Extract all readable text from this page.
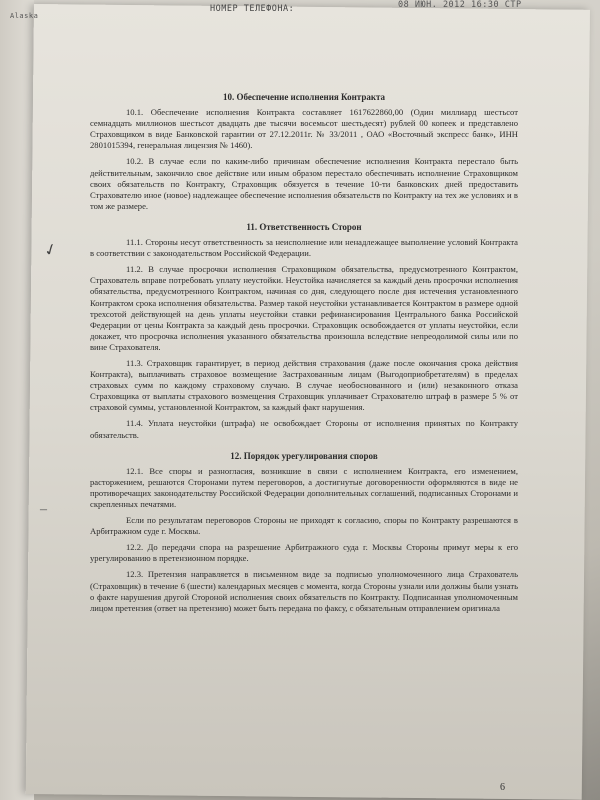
Alaska
НОМЕР ТЕЛЕФОНА:	08 ИЮН. 2012 16:30 СТР
✓
–
10. Обеспечение исполнения Контракта

10.1. Обеспечение исполнения Контракта составляет 1617622860,00 (Один миллиард шестьсот семнадцать миллионов шестьсот двадцать две тысячи восемьсот шестьдесят) рублей 00 копеек и представлено Страховщиком в виде Банковской гарантии от 27.12.2011г. № 33/2011 , ОАО «Восточный экспресс банк», ИНН 2801015394, генеральная лицензия № 1460).

10.2. В случае если по каким-либо причинам обеспечение исполнения Контракта перестало быть действительным, закончило свое действие или иным образом перестало обеспечивать исполнение Страховщиком своих обязательств по Контракту, Страховщик обязуется в течение 10-ти банковских дней предоставить Страхователю иное (новое) надлежащее обеспечение исполнения обязательств по Контракту на тех же условиях и в том же размере.

11. Ответственность Сторон

11.1. Стороны несут ответственность за неисполнение или ненадлежащее выполнение условий Контракта в соответствии с законодательством Российской Федерации.

11.2. В случае просрочки исполнения Страховщиком обязательства, предусмотренного Контрактом, Страхователь вправе потребовать уплату неустойки. Неустойка начисляется за каждый день просрочки исполнения обязательства, предусмотренного Контрактом, начиная со дня, следующего после дня истечения установленного Контрактом срока исполнения обязательства. Размер такой неустойки устанавливается Контрактом в размере одной трехсотой действующей на день уплаты неустойки ставки рефинансирования Центрального банка Российской Федерации от цены Контракта за каждый день просрочки. Страховщик освобождается от уплаты неустойки, если докажет, что просрочка исполнения указанного обязательства произошла вследствие непреодолимой силы или по вине Страхователя.

11.3. Страховщик гарантирует, в период действия страхования (даже после окончания срока действия Контракта), выплачивать страховое возмещение Застрахованным лицам (Выгодоприобретателям) в пределах страховых сумм по каждому страховому случаю. В случае необоснованного и (или) незаконного отказа Страховщика от выплаты страхового возмещения Страховщик уплачивает Страхователю штраф в размере 5 % от страховой суммы, установленной Контрактом, за каждый факт нарушения.

11.4. Уплата неустойки (штрафа) не освобождает Стороны от исполнения принятых по Контракту обязательств.

12. Порядок урегулирования споров

12.1. Все споры и разногласия, возникшие в связи с исполнением Контракта, его изменением, расторжением, решаются Сторонами путем переговоров, а достигнутые договоренности оформляются в виде не противоречащих законодательству Российской Федерации дополнительных соглашений, подписанных Сторонами и скрепленных печатями.

Если по результатам переговоров Стороны не приходят к согласию, споры по Контракту разрешаются в Арбитражном суде г. Москвы.

12.2. До передачи спора на разрешение Арбитражного суда г. Москвы Стороны примут меры к его урегулированию в претензионном порядке.

12.3. Претензия направляется в письменном виде за подписью уполномоченного лица Страхователь (Страховщик) в течение 6 (шести) календарных месяцев с момента, когда Стороны узнали или должны были узнать о факте нарушения другой Стороной исполнения своих обязательств по Контракту. Подписанная уполномоченным лицом претензия (ответ на претензию) может быть передана по факсу, с обязательным отправлением оригинала

6
